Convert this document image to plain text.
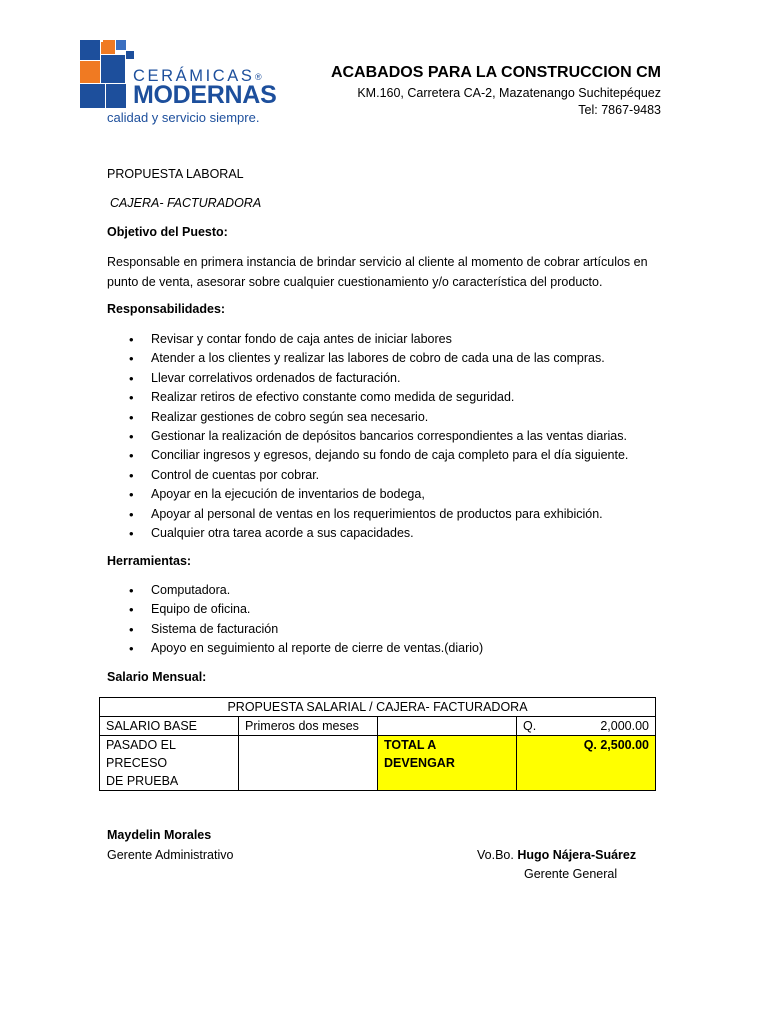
CERÁMICAS ®
MODERNAS
calidad y servicio siempre.
ACABADOS PARA LA CONSTRUCCION CM
KM.160, Carretera CA-2, Mazatenango Suchitepéquez
Tel: 7867-9483
PROPUESTA LABORAL
CAJERA- FACTURADORA
Objetivo del Puesto:
Responsable en primera instancia de brindar servicio al cliente al momento de cobrar artículos en punto de venta, asesorar sobre cualquier cuestionamiento y/o característica del producto.
Responsabilidades:
• Revisar y contar fondo de caja antes de iniciar labores
• Atender a los clientes y realizar las labores de cobro de cada una de las compras.
• Llevar correlativos ordenados de facturación.
• Realizar retiros de efectivo constante como medida de seguridad.
• Realizar gestiones de cobro según sea necesario.
• Gestionar la realización de depósitos bancarios correspondientes a las ventas diarias.
• Conciliar ingresos y egresos, dejando su fondo de caja completo para el día siguiente.
• Control de cuentas por cobrar.
• Apoyar en la ejecución de inventarios de bodega,
• Apoyar al personal de ventas en los requerimientos de productos para exhibición.
• Cualquier otra tarea acorde a sus capacidades.
Herramientas:
• Computadora.
• Equipo de oficina.
• Sistema de facturación
• Apoyo en seguimiento al reporte de cierre de ventas.(diario)
Salario Mensual:
PROPUESTA SALARIAL / CAJERA- FACTURADORA			
SALARIO BASE	Primeros dos meses		Q. 2,000.00

PASADO EL PRECESO
DE PRUEBA		TOTAL A DEVENGAR	Q. 2,500.00
Maydelin Morales
Gerente Administrativo	Vo.Bo. Hugo Nájera-Suárez
Gerente General
